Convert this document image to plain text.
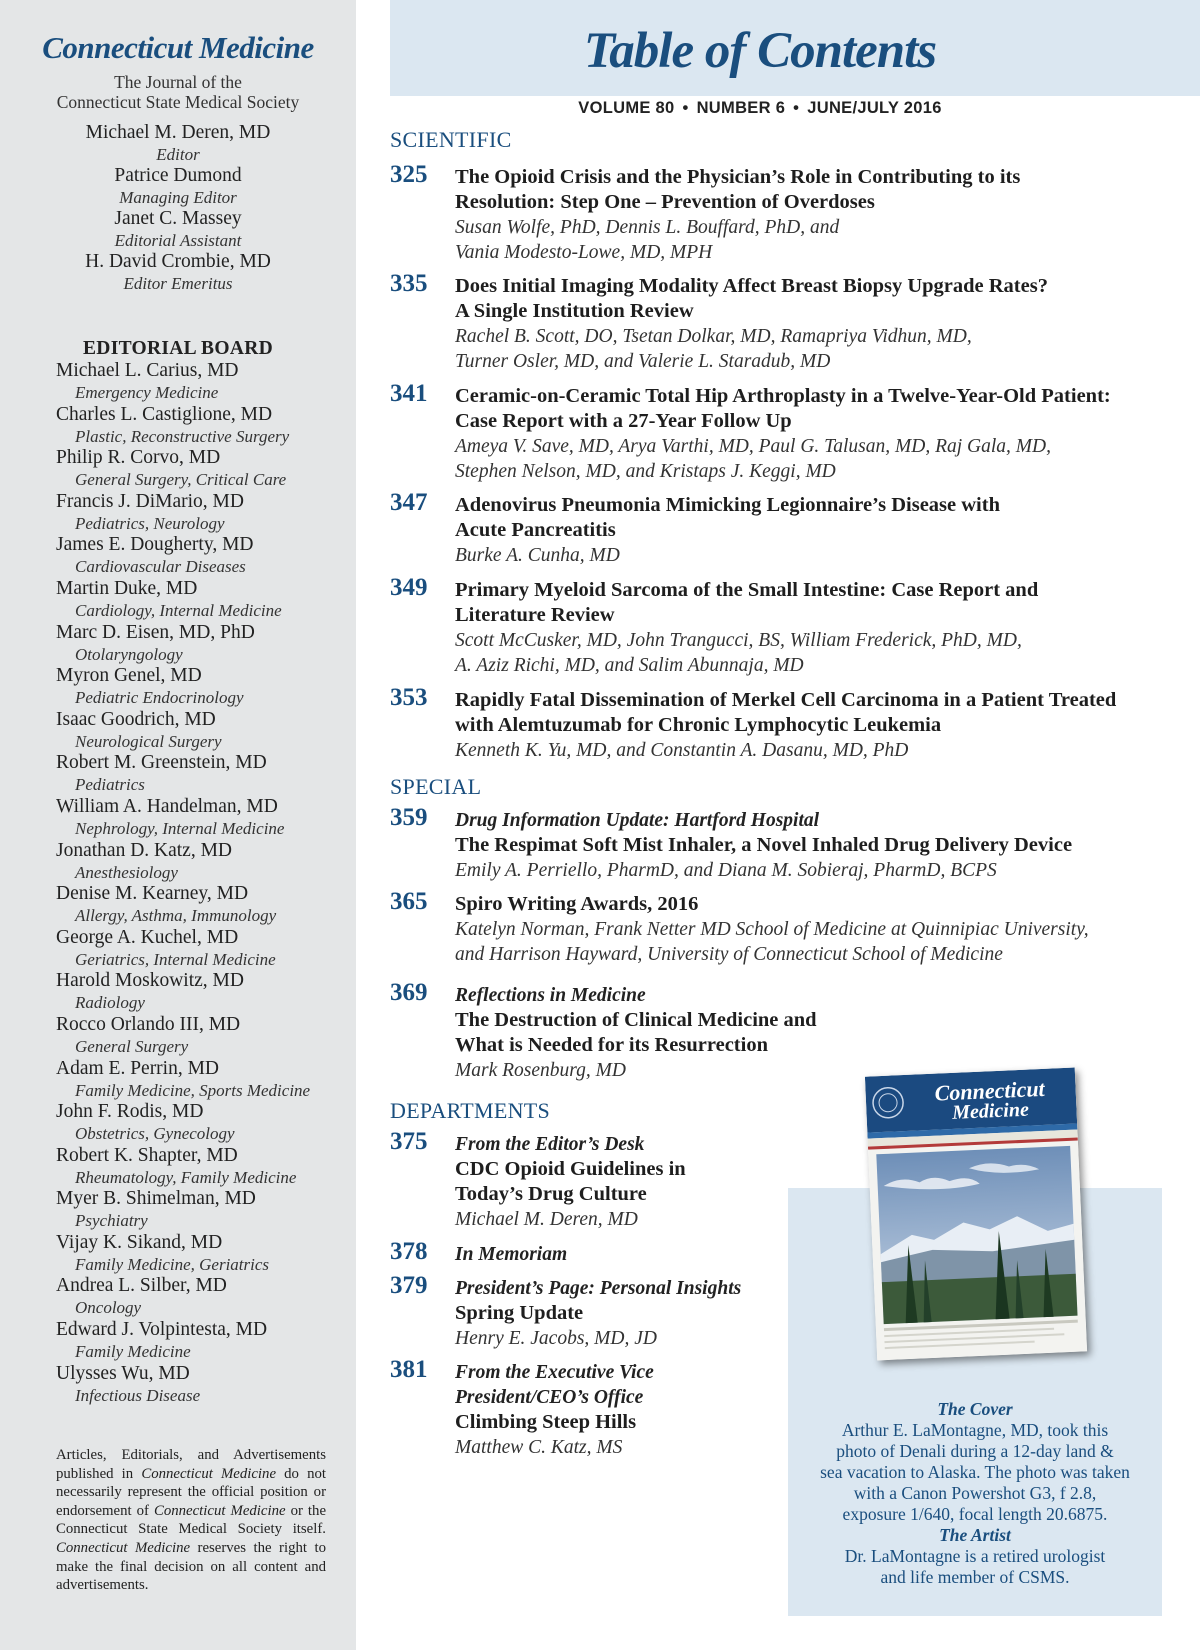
Connecticut Medicine
The Journal of the
Connecticut State Medical Society
Michael M. Deren, MD
Editor
Patrice Dumond
Managing Editor
Janet C. Massey
Editorial Assistant
H. David Crombie, MD
Editor Emeritus
EDITORIAL BOARD
Michael L. Carius, MD
Emergency Medicine
Charles L. Castiglione, MD
Plastic, Reconstructive Surgery
Philip R. Corvo, MD
General Surgery, Critical Care
Francis J. DiMario, MD
Pediatrics, Neurology
James E. Dougherty, MD
Cardiovascular Diseases
Martin Duke, MD
Cardiology, Internal Medicine
Marc D. Eisen, MD, PhD
Otolaryngology
Myron Genel, MD
Pediatric Endocrinology
Isaac Goodrich, MD
Neurological Surgery
Robert M. Greenstein, MD
Pediatrics
William A. Handelman, MD
Nephrology, Internal Medicine
Jonathan D. Katz, MD
Anesthesiology
Denise M. Kearney, MD
Allergy, Asthma, Immunology
George A. Kuchel, MD
Geriatrics, Internal Medicine
Harold Moskowitz, MD
Radiology
Rocco Orlando III, MD
General Surgery
Adam E. Perrin, MD
Family Medicine, Sports Medicine
John F. Rodis, MD
Obstetrics, Gynecology
Robert K. Shapter, MD
Rheumatology, Family Medicine
Myer B. Shimelman, MD
Psychiatry
Vijay K. Sikand, MD
Family Medicine, Geriatrics
Andrea L. Silber, MD
Oncology
Edward J. Volpintesta, MD
Family Medicine
Ulysses Wu, MD
Infectious Disease
Articles, Editorials, and Advertisements published in Connecticut Medicine do not necessarily represent the official position or endorsement of Connecticut Medicine or the Connecticut State Medical Society itself. Connecticut Medicine reserves the right to make the final decision on all content and advertisements.
Table of Contents
VOLUME 80 • NUMBER 6 • JUNE/JULY 2016
SCIENTIFIC
SPECIAL
DEPARTMENTS
325 The Opioid Crisis and the Physician’s Role in Contributing to its
Resolution: Step One – Prevention of Overdoses
Susan Wolfe, PhD, Dennis L. Bouffard, PhD, and
Vania Modesto-Lowe, MD, MPH
335 Does Initial Imaging Modality Affect Breast Biopsy Upgrade Rates?
A Single Institution Review
Rachel B. Scott, DO, Tsetan Dolkar, MD, Ramapriya Vidhun, MD,
Turner Osler, MD, and Valerie L. Staradub, MD
341 Ceramic-on-Ceramic Total Hip Arthroplasty in a Twelve-Year-Old Patient:
Case Report with a 27-Year Follow Up
Ameya V. Save, MD, Arya Varthi, MD, Paul G. Talusan, MD, Raj Gala, MD,
Stephen Nelson, MD, and Kristaps J. Keggi, MD
347 Adenovirus Pneumonia Mimicking Legionnaire’s Disease with
Acute Pancreatitis
Burke A. Cunha, MD
349 Primary Myeloid Sarcoma of the Small Intestine: Case Report and
Literature Review
Scott McCusker, MD, John Trangucci, BS, William Frederick, PhD, MD,
A. Aziz Richi, MD, and Salim Abunnaja, MD
353 Rapidly Fatal Dissemination of Merkel Cell Carcinoma in a Patient Treated
with Alemtuzumab for Chronic Lymphocytic Leukemia
Kenneth K. Yu, MD, and Constantin A. Dasanu, MD, PhD
359 Drug Information Update: Hartford Hospital
The Respimat Soft Mist Inhaler, a Novel Inhaled Drug Delivery Device
Emily A. Perriello, PharmD, and Diana M. Sobieraj, PharmD, BCPS
365 Spiro Writing Awards, 2016
Katelyn Norman, Frank Netter MD School of Medicine at Quinnipiac University,
and Harrison Hayward, University of Connecticut School of Medicine
369 Reflections in Medicine
The Destruction of Clinical Medicine and
What is Needed for its Resurrection
Mark Rosenburg, MD
375 From the Editor’s Desk
CDC Opioid Guidelines in
Today’s Drug Culture
Michael M. Deren, MD
378 In Memoriam
379 President’s Page: Personal Insights
Spring Update
Henry E. Jacobs, MD, JD
381 From the Executive Vice
President/CEO’s Office
Climbing Steep Hills
Matthew C. Katz, MS
Connecticut
Medicine
The Cover
Arthur E. LaMontagne, MD, took this
photo of Denali during a 12-day land &
sea vacation to Alaska. The photo was taken
with a Canon Powershot G3, f 2.8,
exposure 1/640, focal length 20.6875.
The Artist
Dr. LaMontagne is a retired urologist
and life member of CSMS.
